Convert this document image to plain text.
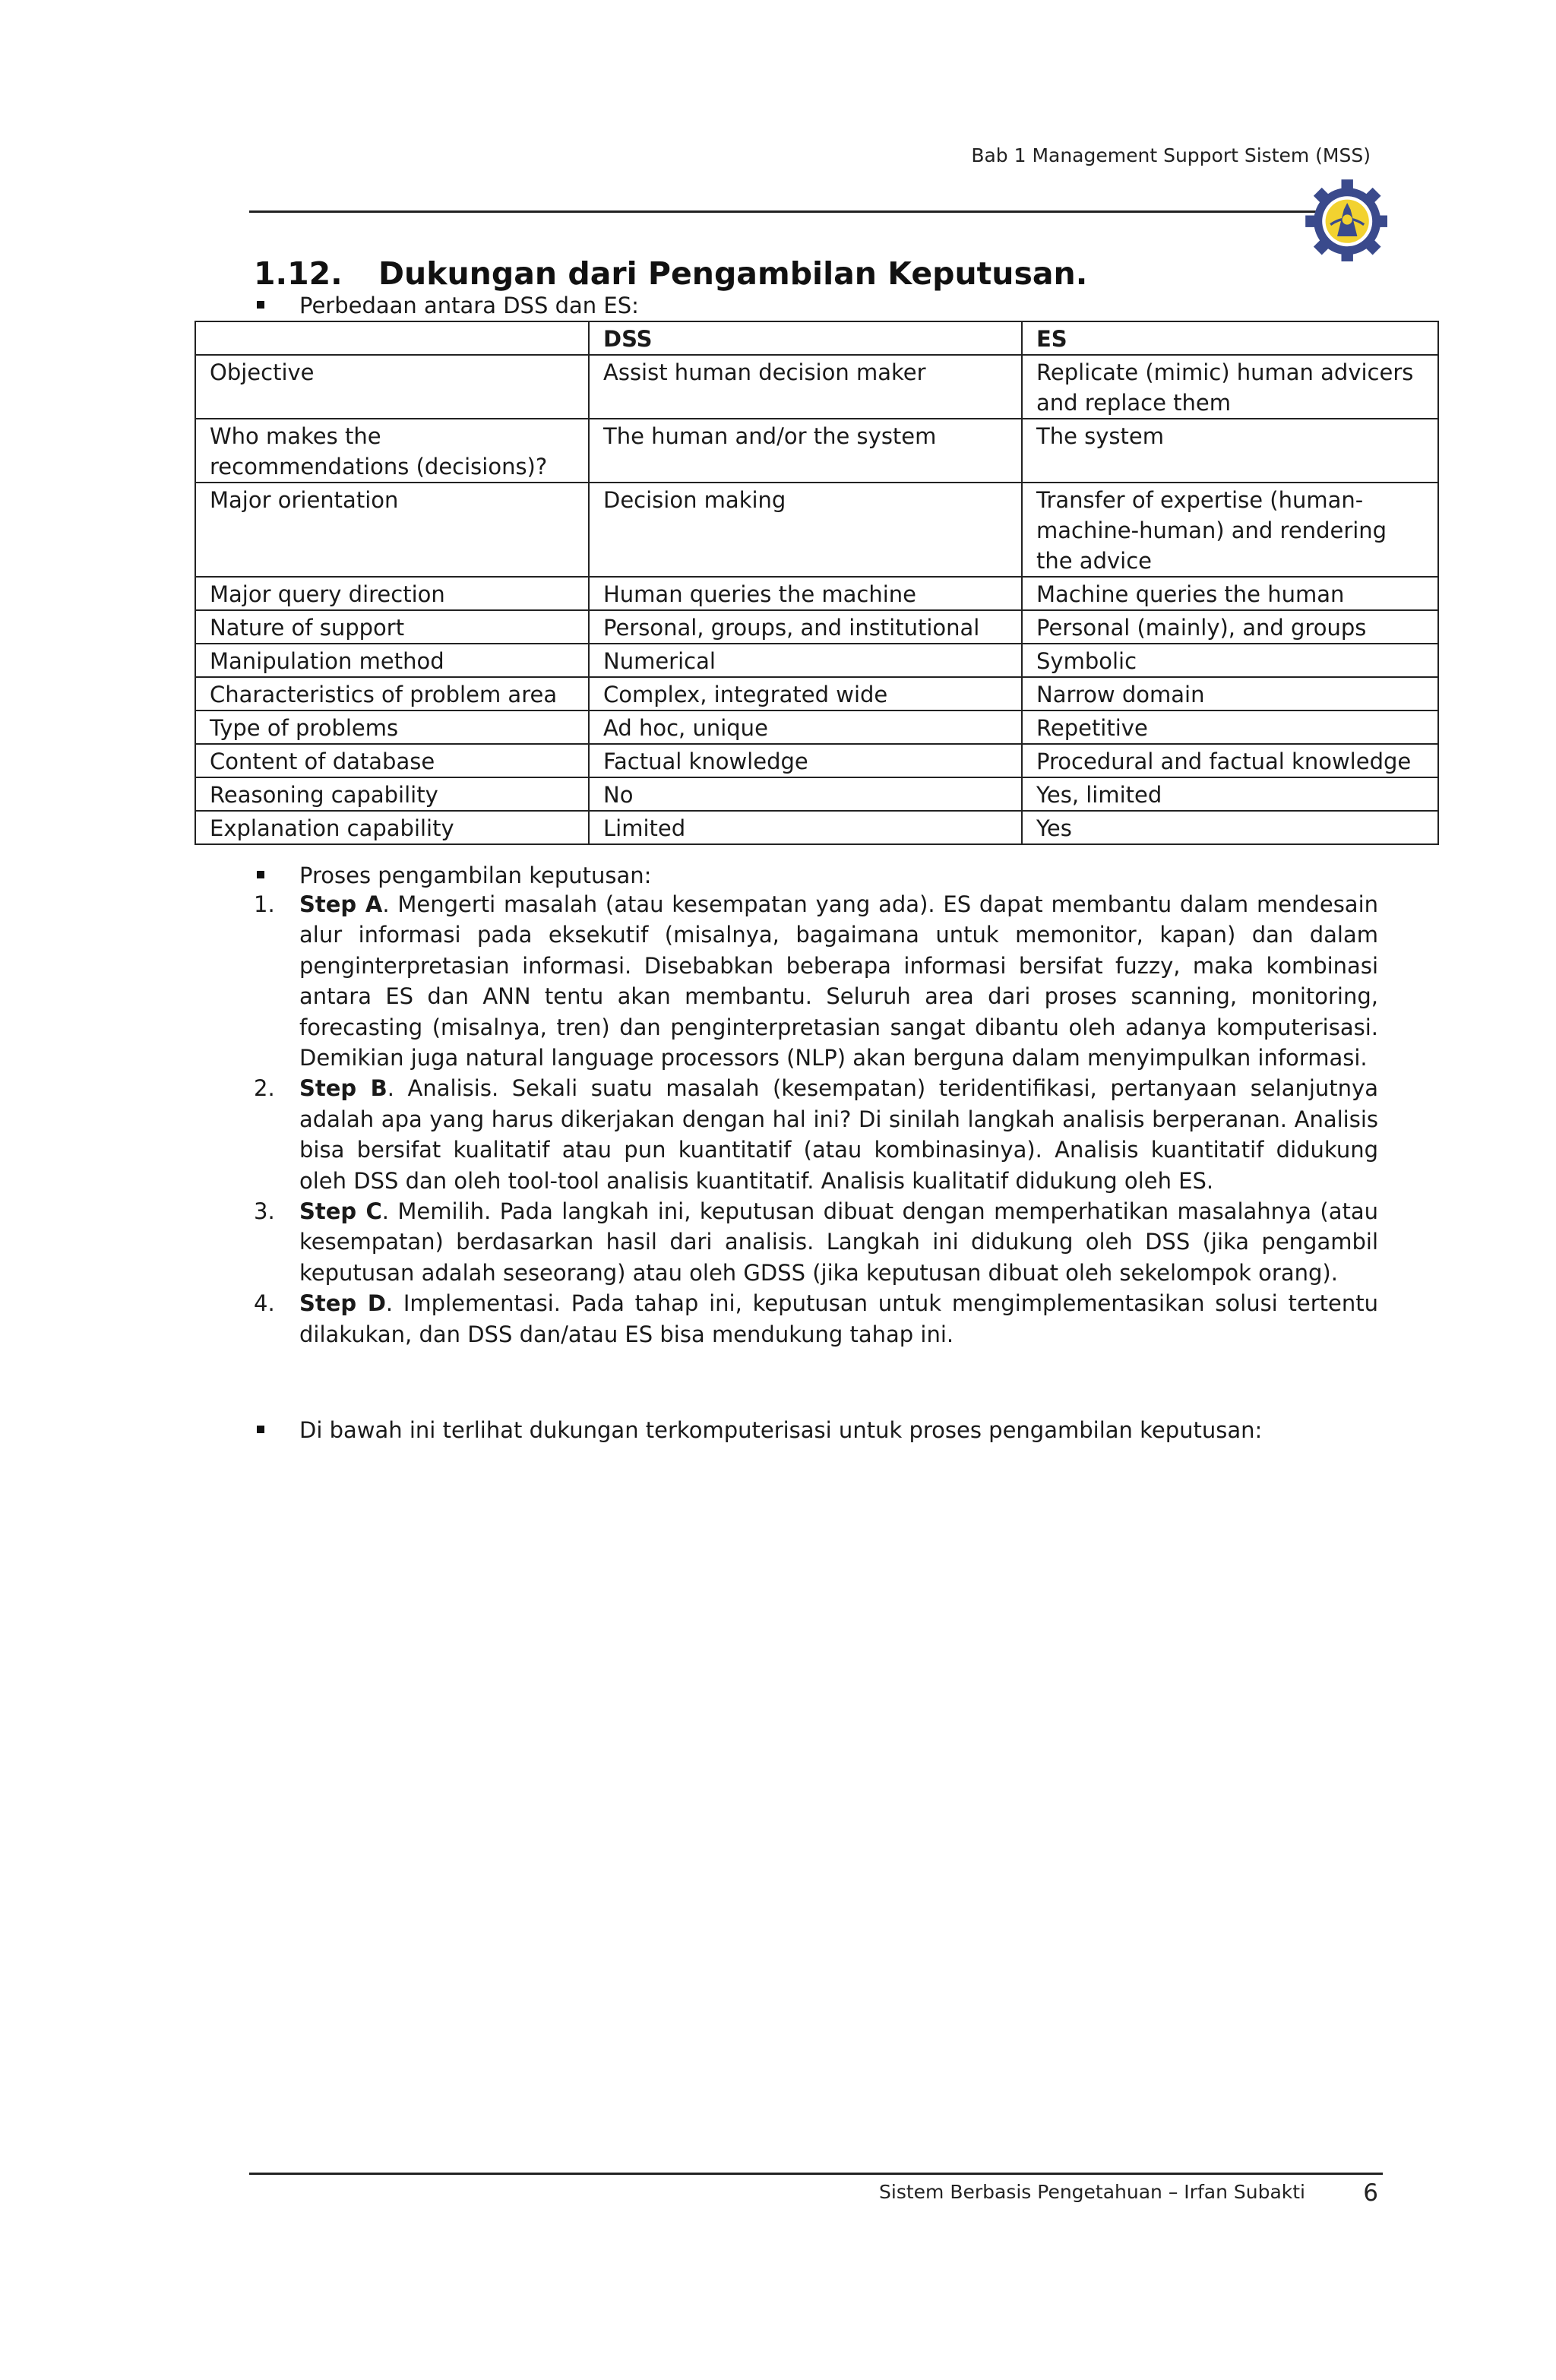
Bab 1 Management Support Sistem (MSS)
1.12. Dukungan dari Pengambilan Keputusan.
Perbedaan antara DSS dan ES:
	DSS	ES
Objective	Assist human decision maker	Replicate (mimic) human advicers and replace them
Who makes the recommendations (decisions)?	The human and/or the system	The system
Major orientation	Decision making	Transfer of expertise (human-machine-human) and rendering the advice
Major query direction	Human queries the machine	Machine queries the human
Nature of support	Personal, groups, and institutional	Personal (mainly), and groups
Manipulation method	Numerical	Symbolic
Characteristics of problem area	Complex, integrated wide	Narrow domain
Type of problems	Ad hoc, unique	Repetitive
Content of database	Factual knowledge	Procedural and factual knowledge
Reasoning capability	No	Yes, limited
Explanation capability	Limited	Yes
Proses pengambilan keputusan:
1. Step A. Mengerti masalah (atau kesempatan yang ada). ES dapat membantu dalam mendesain alur informasi pada eksekutif (misalnya, bagaimana untuk memonitor, kapan) dan dalam penginterpretasian informasi. Disebabkan beberapa informasi bersifat fuzzy, maka kombinasi antara ES dan ANN tentu akan membantu. Seluruh area dari proses scanning, monitoring, forecasting (misalnya, tren) dan penginterpretasian sangat dibantu oleh adanya komputerisasi. Demikian juga natural language processors (NLP) akan berguna dalam menyimpulkan informasi.
2. Step B. Analisis. Sekali suatu masalah (kesempatan) teridentifikasi, pertanyaan selanjutnya adalah apa yang harus dikerjakan dengan hal ini? Di sinilah langkah analisis berperanan. Analisis bisa bersifat kualitatif atau pun kuantitatif (atau kombinasinya). Analisis kuantitatif didukung oleh DSS dan oleh tool-tool analisis kuantitatif. Analisis kualitatif didukung oleh ES.
3. Step C. Memilih. Pada langkah ini, keputusan dibuat dengan memperhatikan masalahnya (atau kesempatan) berdasarkan hasil dari analisis. Langkah ini didukung oleh DSS (jika pengambil keputusan adalah seseorang) atau oleh GDSS (jika keputusan dibuat oleh sekelompok orang).
4. Step D. Implementasi. Pada tahap ini, keputusan untuk mengimplementasikan solusi tertentu dilakukan, dan DSS dan/atau ES bisa mendukung tahap ini.
Di bawah ini terlihat dukungan terkomputerisasi untuk proses pengambilan keputusan:
Sistem Berbasis Pengetahuan – Irfan Subakti 6
